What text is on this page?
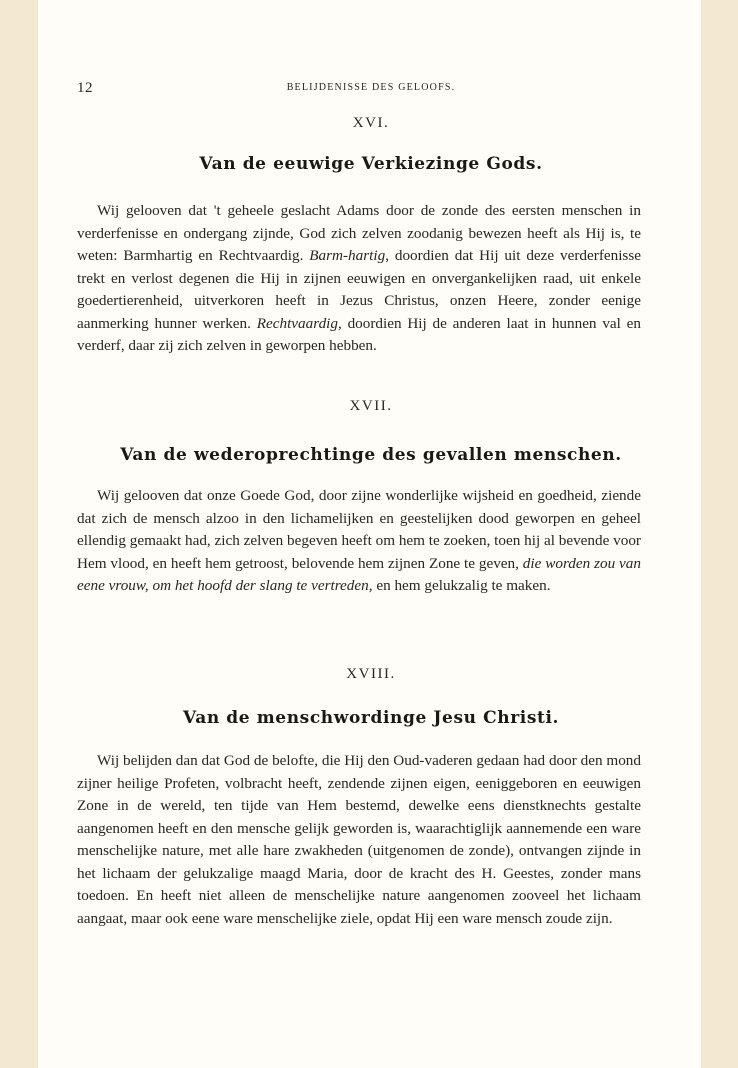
12	BELIJDENISSE DES GELOOFS.
XVI.
Van de eeuwige Verkiezinge Gods.

Wij gelooven dat 't geheele geslacht Adams door de zonde des eersten menschen in verderfenisse en ondergang zijnde, God zich zelven zoodanig bewezen heeft als Hij is, te weten: Barmhartig en Rechtvaardig. Barm-hartig, doordien dat Hij uit deze verderfenisse trekt en verlost degenen die Hij in zijnen eeuwigen en onvergankelijken raad, uit enkele goedertierenheid, uitverkoren heeft in Jezus Christus, onzen Heere, zonder eenige aanmerking hunner werken. Rechtvaardig, doordien Hij de anderen laat in hunnen val en verderf, daar zij zich zelven in geworpen hebben.

XVII.
Van de wederoprechtinge des gevallen menschen.

Wij gelooven dat onze Goede God, door zijne wonderlijke wijsheid en goedheid, ziende dat zich de mensch alzoo in den lichamelijken en geestelijken dood geworpen en geheel ellendig gemaakt had, zich zelven begeven heeft om hem te zoeken, toen hij al bevende voor Hem vlood, en heeft hem getroost, belovende hem zijnen Zone te geven, die worden zou van eene vrouw, om het hoofd der slang te vertreden, en hem gelukzalig te maken.

XVIII.
Van de menschwordinge Jesu Christi.

Wij belijden dan dat God de belofte, die Hij den Oud-vaderen gedaan had door den mond zijner heilige Profeten, volbracht heeft, zendende zijnen eigen, eeniggeboren en eeuwigen Zone in de wereld, ten tijde van Hem bestemd, dewelke eens dienstknechts gestalte aangenomen heeft en den mensche gelijk geworden is, waarachtiglijk aannemende een ware menschelijke nature, met alle hare zwakheden (uitgenomen de zonde), ontvangen zijnde in het lichaam der gelukzalige maagd Maria, door de kracht des H. Geestes, zonder mans toedoen. En heeft niet alleen de menschelijke nature aangenomen zooveel het lichaam aangaat, maar ook eene ware menschelijke ziele, opdat Hij een ware mensch zoude zijn.
